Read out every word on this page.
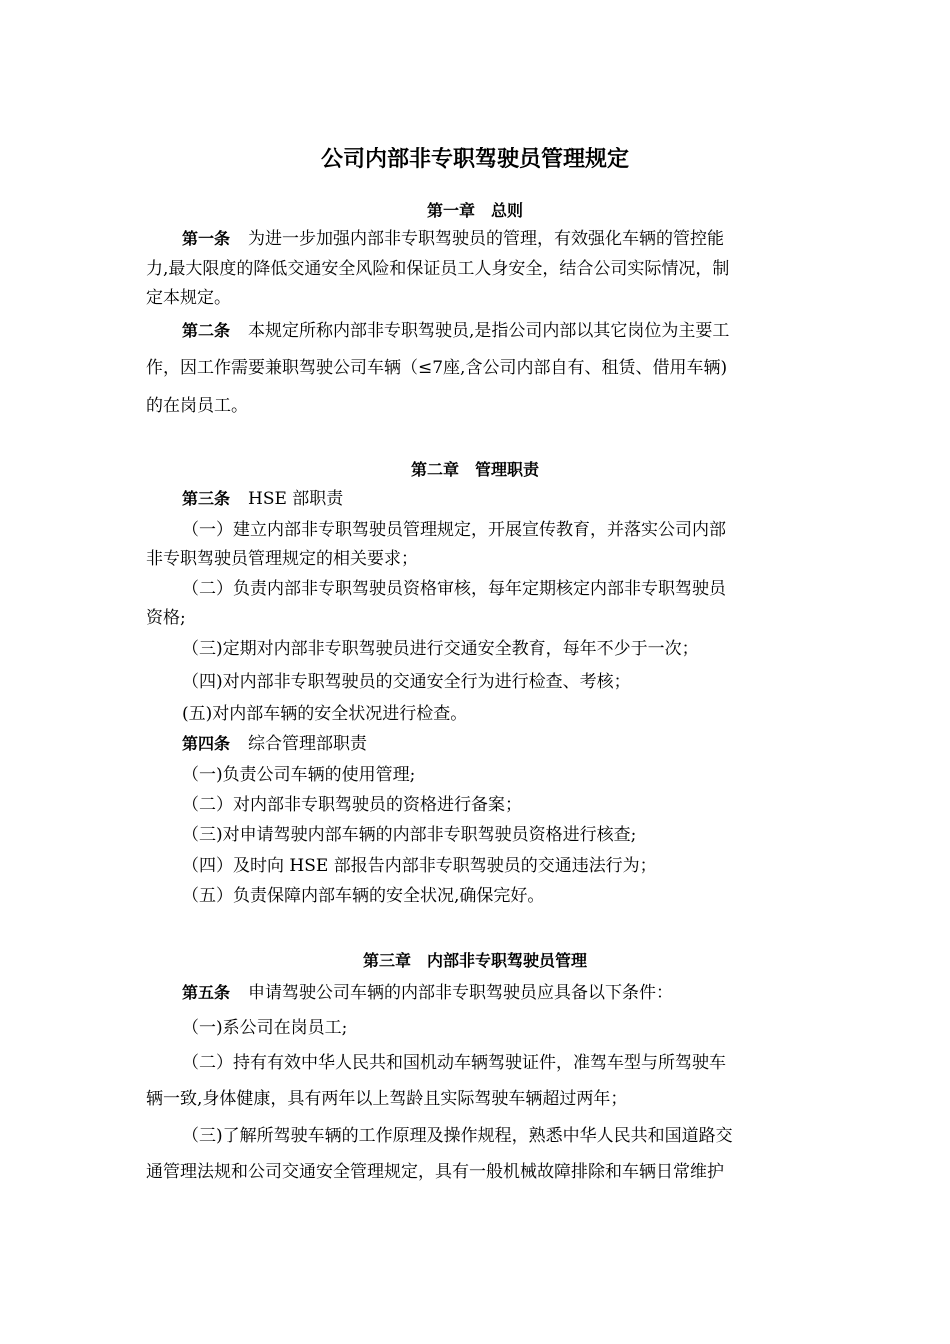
公司内部非专职驾驶员管理规定
第一章　总则
第一条 为进一步加强内部非专职驾驶员的管理，有效强化车辆的管控能
力,最大限度的降低交通安全风险和保证员工人身安全，结合公司实际情况，制
定本规定。
第二条 本规定所称内部非专职驾驶员,是指公司内部以其它岗位为主要工
作，因工作需要兼职驾驶公司车辆（≤7座,含公司内部自有、租赁、借用车辆)
的在岗员工。
第二章　管理职责
第三条 HSE 部职责
（一）建立内部非专职驾驶员管理规定，开展宣传教育，并落实公司内部
非专职驾驶员管理规定的相关要求；
（二）负责内部非专职驾驶员资格审核，每年定期核定内部非专职驾驶员
资格;
（三)定期对内部非专职驾驶员进行交通安全教育，每年不少于一次；
（四)对内部非专职驾驶员的交通安全行为进行检查、考核；
(五)对内部车辆的安全状况进行检查。
第四条 综合管理部职责
（一)负责公司车辆的使用管理;
（二）对内部非专职驾驶员的资格进行备案；
（三)对申请驾驶内部车辆的内部非专职驾驶员资格进行核查;
（四）及时向 HSE 部报告内部非专职驾驶员的交通违法行为；
（五）负责保障内部车辆的安全状况,确保完好。
第三章　内部非专职驾驶员管理
第五条 申请驾驶公司车辆的内部非专职驾驶员应具备以下条件：
（一)系公司在岗员工;
（二）持有有效中华人民共和国机动车辆驾驶证件，准驾车型与所驾驶车
辆一致,身体健康，具有两年以上驾龄且实际驾驶车辆超过两年；
（三)了解所驾驶车辆的工作原理及操作规程，熟悉中华人民共和国道路交
通管理法规和公司交通安全管理规定，具有一般机械故障排除和车辆日常维护
